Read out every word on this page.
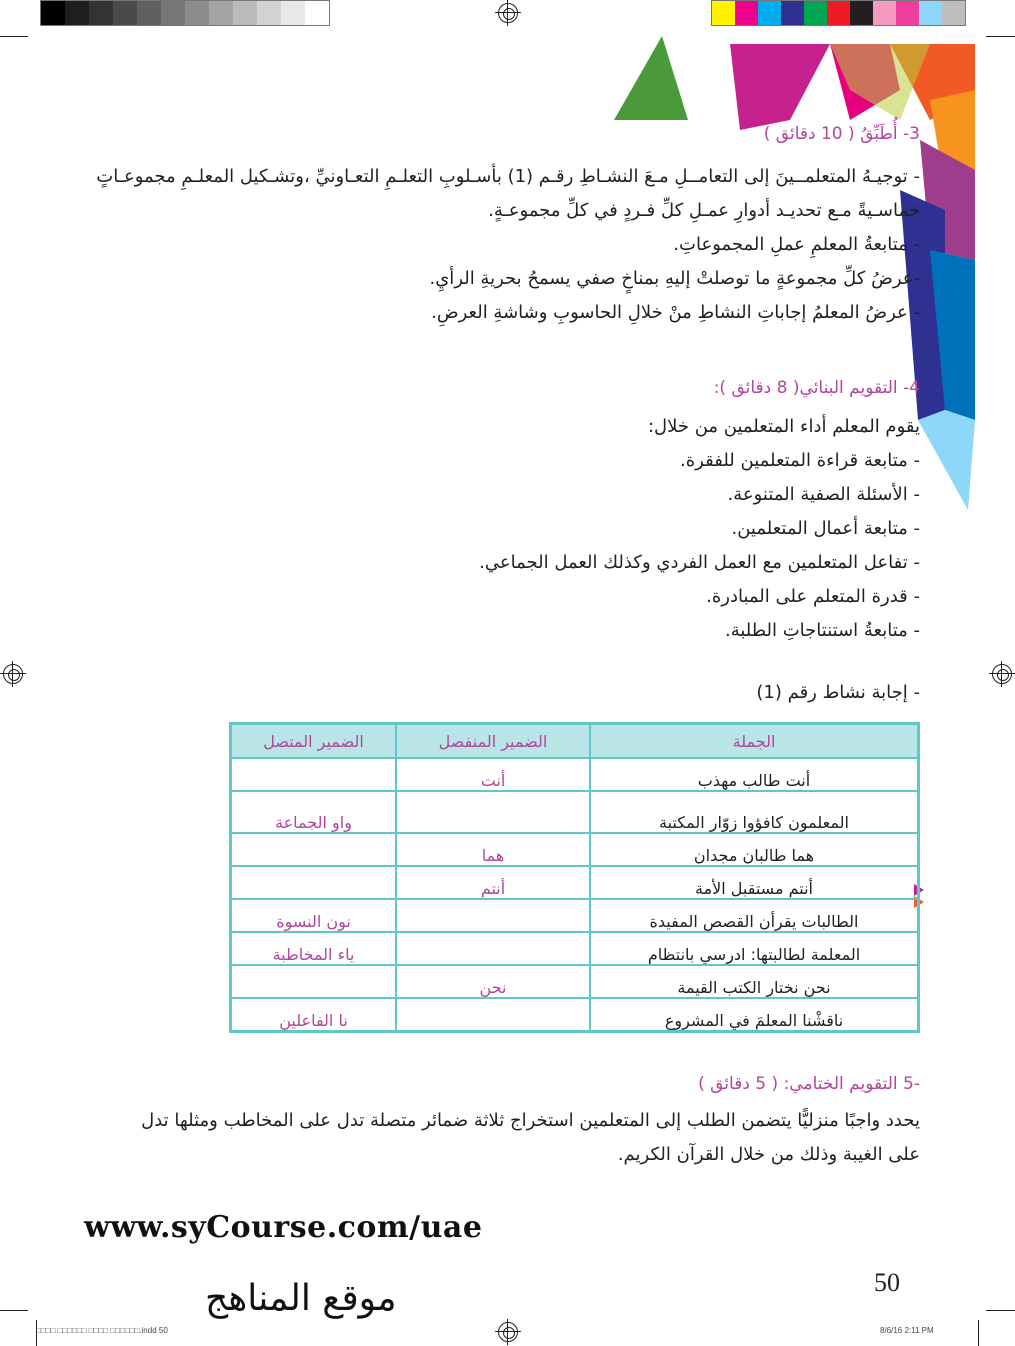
3- أُطَبِّقُ ( 10 دقائق )
- توجيـهُ المتعلمــينَ إلى التعامــلِ مـعَ النشـاطِ رقـم (1) بأسـلوبِ التعلـمِ التعـاونيِّ ،وتشـكيل المعلـمِ مجموعـاتٍ
خماسـيةً مـع تحديـد أدوارِ عمـلِ كلِّ فـردٍ في كلِّ مجموعـةٍ.
- متابعةُ المعلمِ عملِ المجموعاتِ.
-عرضُ كلِّ مجموعةٍ ما توصلتْ إليهِ بمناخٍ صفي يسمحُ بحريةِ الرأيِ.
- عرضُ المعلمُ إجاباتِ النشاطِ منْ خلالِ الحاسوبِ وشاشةِ العرضِ.
4- التقويم البنائي( 8 دقائق ):
يقوم المعلم أداء المتعلمين من خلال:
- متابعة قراءة المتعلمين للفقرة.
- الأسئلة الصفية المتنوعة.
- متابعة أعمال المتعلمين.
- تفاعل المتعلمين مع العمل الفردي وكذلك العمل الجماعي.
- قدرة المتعلم على المبادرة.
- متابعةُ استنتاجاتِ الطلبة.
- إجابة نشاط رقم (1)
الجملة	الضمير المنفصل	الضمير المتصل
أنت طالب مهذب	أنت	
المعلمون كافؤوا زوّار المكتبة		واو الجماعة
هما طالبان مجدان	هما	
أنتم مستقبل الأمة	أنتم	
الطالبات يقرأن القصص المفيدة		نون النسوة
المعلمة لطالبتها: ادرسي بانتظام		ياء المخاطبة
نحن نختار الكتب القيمة	نحن	
ناقشْنا المعلمَ في المشروع		نا الفاعلين
-5 التقويم الختامي: ( 5 دقائق )
يحدد واجبًا منزليًّا يتضمن الطلب إلى المتعلمين استخراج ثلاثة ضمائر متصلة تدل على المخاطب ومثلها تدل
على الغيبة وذلك من خلال القرآن الكريم.
www.syCourse.com/uae
50
موقع المناهج
□□□□ □□□□□□ □□□□ □□□□□□.indd 50	8/6/16 2:11 PM
